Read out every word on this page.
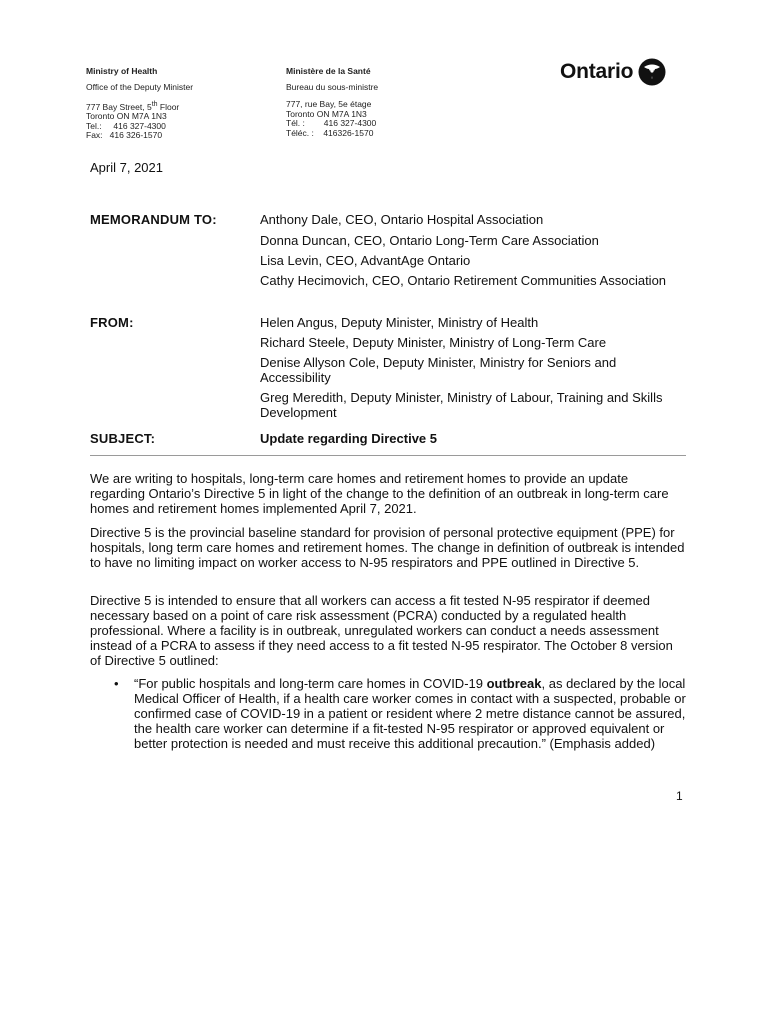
Ministry of Health
Office of the Deputy Minister
777 Bay Street, 5th Floor
Toronto ON M7A 1N3
Tel.:     416 327-4300
Fax:   416 326-1570
Ministère de la Santé
Bureau du sous-ministre
777, rue Bay, 5e étage
Toronto ON M7A 1N3
Tél. :        416 327-4300
Téléc. :    416326-1570
Ontario
April 7, 2021
MEMORANDUM TO:	Anthony Dale, CEO, Ontario Hospital Association
Donna Duncan, CEO, Ontario Long-Term Care Association
Lisa Levin, CEO, AdvantAge Ontario
Cathy Hecimovich, CEO, Ontario Retirement Communities Association
FROM:	Helen Angus, Deputy Minister, Ministry of Health
Richard Steele, Deputy Minister, Ministry of Long-Term Care
Denise Allyson Cole, Deputy Minister, Ministry for Seniors and Accessibility
Greg Meredith, Deputy Minister, Ministry of Labour, Training and Skills Development
SUBJECT:	Update regarding Directive 5
We are writing to hospitals, long-term care homes and retirement homes to provide an update regarding Ontario’s Directive 5 in light of the change to the definition of an outbreak in long-term care homes and retirement homes implemented April 7, 2021.
Directive 5 is the provincial baseline standard for provision of personal protective equipment (PPE) for hospitals, long term care homes and retirement homes. The change in definition of outbreak is intended to have no limiting impact on worker access to N-95 respirators and PPE outlined in Directive 5.
Directive 5 is intended to ensure that all workers can access a fit tested N-95 respirator if deemed necessary based on a point of care risk assessment (PCRA) conducted by a regulated health professional. Where a facility is in outbreak, unregulated workers can conduct a needs assessment instead of a PCRA to assess if they need access to a fit tested N-95 respirator. The October 8 version of Directive 5 outlined:
• “For public hospitals and long-term care homes in COVID-19 outbreak, as declared by the local Medical Officer of Health, if a health care worker comes in contact with a suspected, probable or confirmed case of COVID-19 in a patient or resident where 2 metre distance cannot be assured, the health care worker can determine if a fit-tested N-95 respirator or approved equivalent or better protection is needed and must receive this additional precaution.” (Emphasis added)
1
